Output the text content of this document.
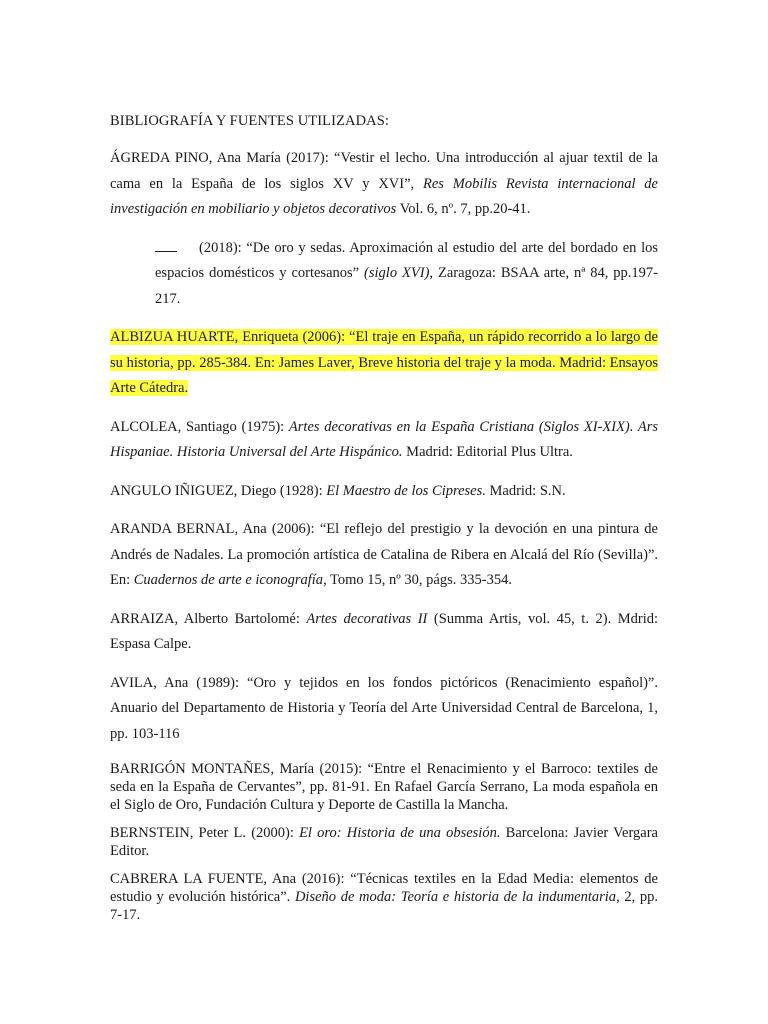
BIBLIOGRAFÍA Y FUENTES UTILIZADAS:

ÁGREDA PINO, Ana María (2017): “Vestir el lecho. Una introducción al ajuar textil de la cama en la España de los siglos XV y XVI”, Res Mobilis Revista internacional de investigación en mobiliario y objetos decorativos Vol. 6, nº. 7, pp.20-41.

(2018): “De oro y sedas. Aproximación al estudio del arte del bordado en los espacios domésticos y cortesanos” (siglo XVI), Zaragoza: BSAA arte, nª 84, pp.197-217.

ALBIZUA HUARTE, Enriqueta (2006): “El traje en España, un rápido recorrido a lo largo de su historia, pp. 285-384. En: James Laver, Breve historia del traje y la moda. Madrid: Ensayos Arte Cátedra.

ALCOLEA, Santiago (1975): Artes decorativas en la España Cristiana (Siglos XI-XIX). Ars Hispaniae. Historia Universal del Arte Hispánico. Madrid: Editorial Plus Ultra.

ANGULO IÑIGUEZ, Diego (1928): El Maestro de los Cipreses. Madrid: S.N.

ARANDA BERNAL, Ana (2006): “El reflejo del prestigio y la devoción en una pintura de Andrés de Nadales. La promoción artística de Catalina de Ribera en Alcalá del Río (Sevilla)”. En: Cuadernos de arte e iconografía, Tomo 15, nº 30, págs. 335-354.

ARRAIZA, Alberto Bartolomé: Artes decorativas II (Summa Artis, vol. 45, t. 2). Mdrid: Espasa Calpe.

AVILA, Ana (1989): “Oro y tejidos en los fondos pictóricos (Renacimiento español)”. Anuario del Departamento de Historia y Teoría del Arte Universidad Central de Barcelona, 1, pp. 103-116

BARRIGÓN MONTAÑES, María (2015): “Entre el Renacimiento y el Barroco: textiles de seda en la España de Cervantes”, pp. 81-91. En Rafael García Serrano, La moda española en el Siglo de Oro, Fundación Cultura y Deporte de Castilla la Mancha.

BERNSTEIN, Peter L. (2000): El oro: Historia de una obsesión. Barcelona: Javier Vergara Editor.

CABRERA LA FUENTE, Ana (2016): “Técnicas textiles en la Edad Media: elementos de estudio y evolución histórica”. Diseño de moda: Teoría e historia de la indumentaria, 2, pp. 7-17.
